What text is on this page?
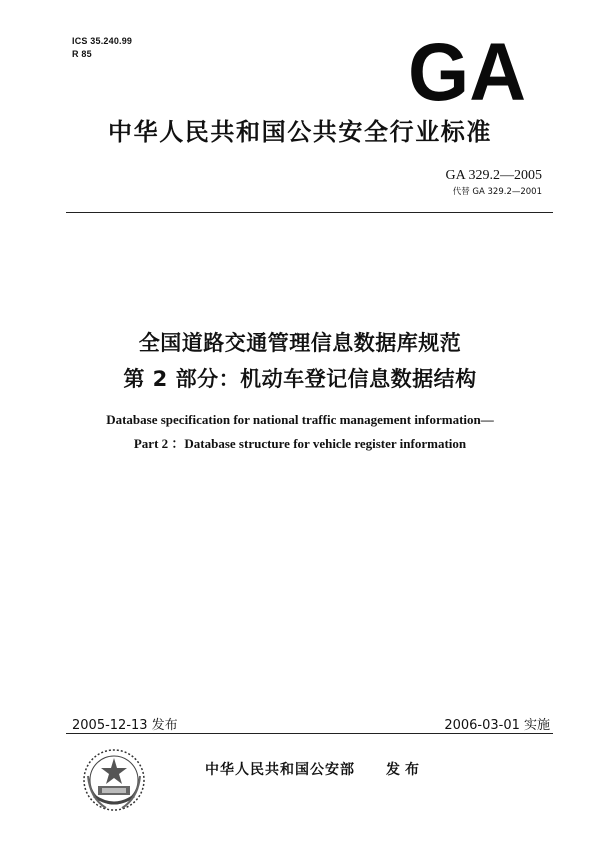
ICS 35.240.99
R 85	GA
中华人民共和国公共安全行业标准
GA 329.2—2005
代替 GA 329.2—2001
全国道路交通管理信息数据库规范
第 2 部分：机动车登记信息数据结构
Database specification for national traffic management information—
Part 2 ：Database structure for vehicle register information
2005-12-13 发布	2006-03-01 实施
中华人民共和国公安部 发布
